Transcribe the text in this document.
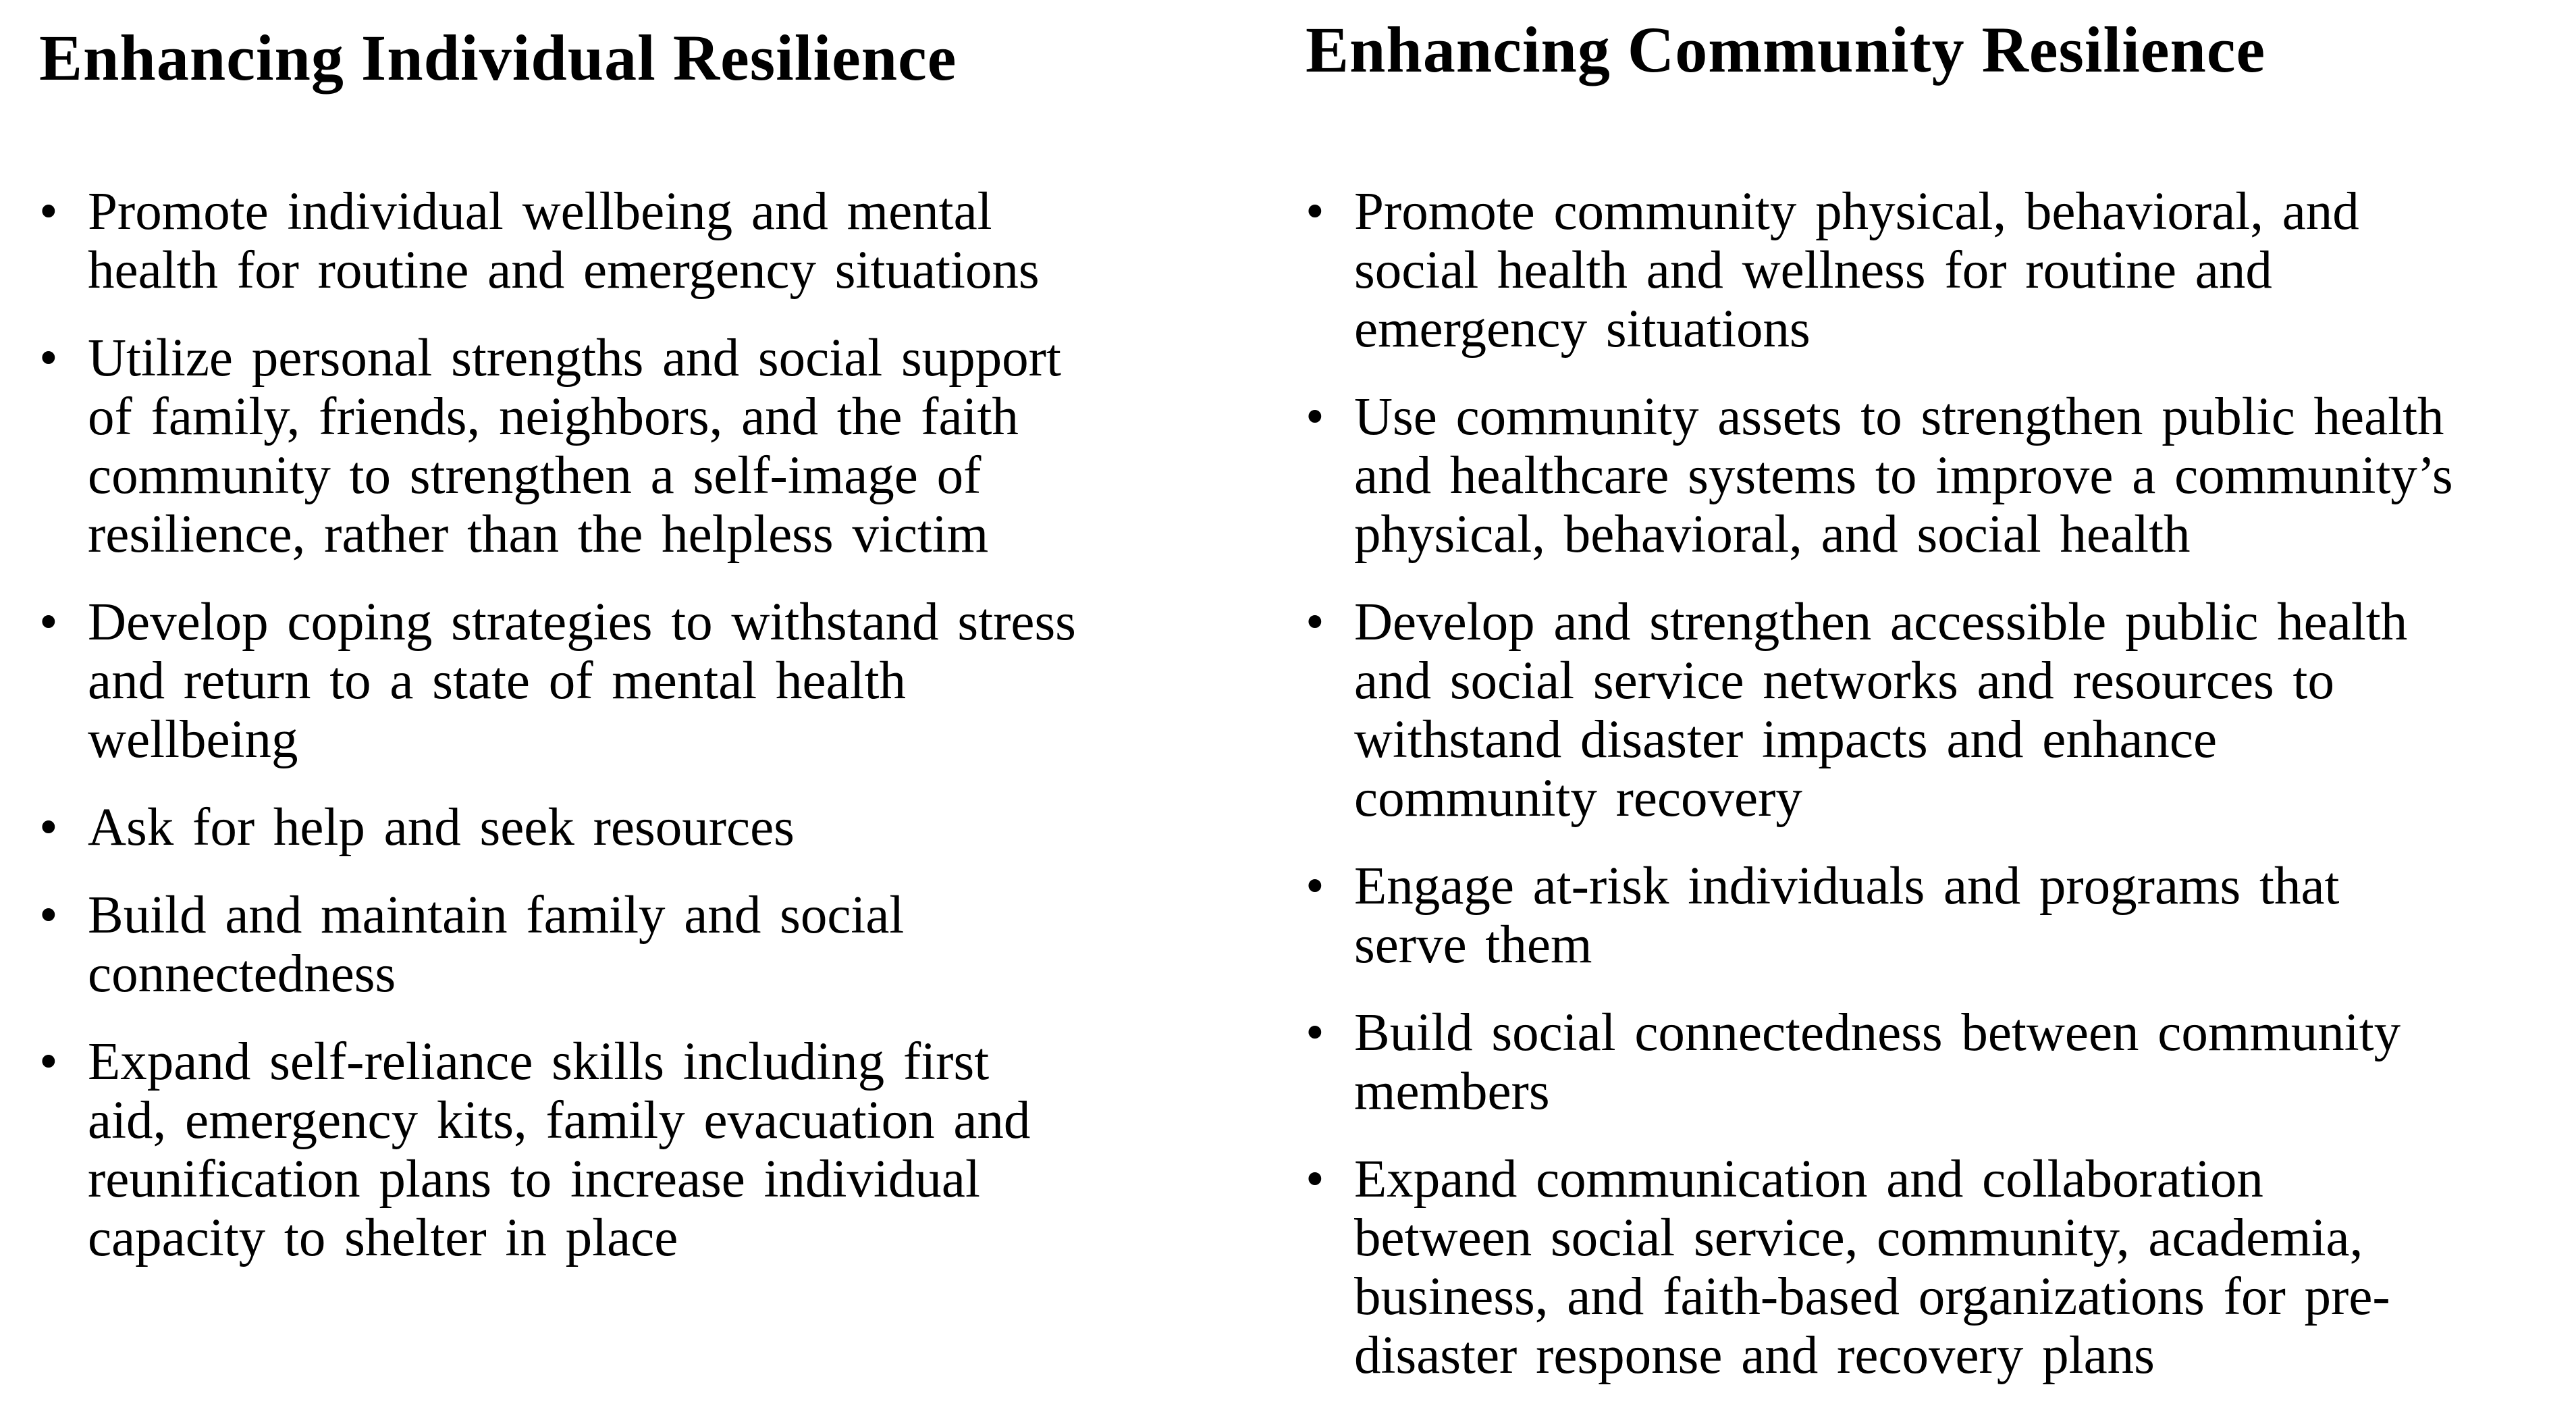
Enhancing Individual Resilience
• Promote individual wellbeing and mental
health for routine and emergency situations
• Utilize personal strengths and social support
of family, friends, neighbors, and the faith
community to strengthen a self-image of
resilience, rather than the helpless victim
• Develop coping strategies to withstand stress
and return to a state of mental health
wellbeing
• Ask for help and seek resources
• Build and maintain family and social
connectedness
• Expand self-reliance skills including first
aid, emergency kits, family evacuation and
reunification plans to increase individual
capacity to shelter in place
Enhancing Community Resilience
• Promote community physical, behavioral, and
social health and wellness for routine and
emergency situations
• Use community assets to strengthen public health
and healthcare systems to improve a community’s
physical, behavioral, and social health
• Develop and strengthen accessible public health
and social service networks and resources to
withstand disaster impacts and enhance
community recovery
• Engage at-risk individuals and programs that
serve them
• Build social connectedness between community
members
• Expand communication and collaboration
between social service, community, academia,
business, and faith-based organizations for pre-
disaster response and recovery plans
